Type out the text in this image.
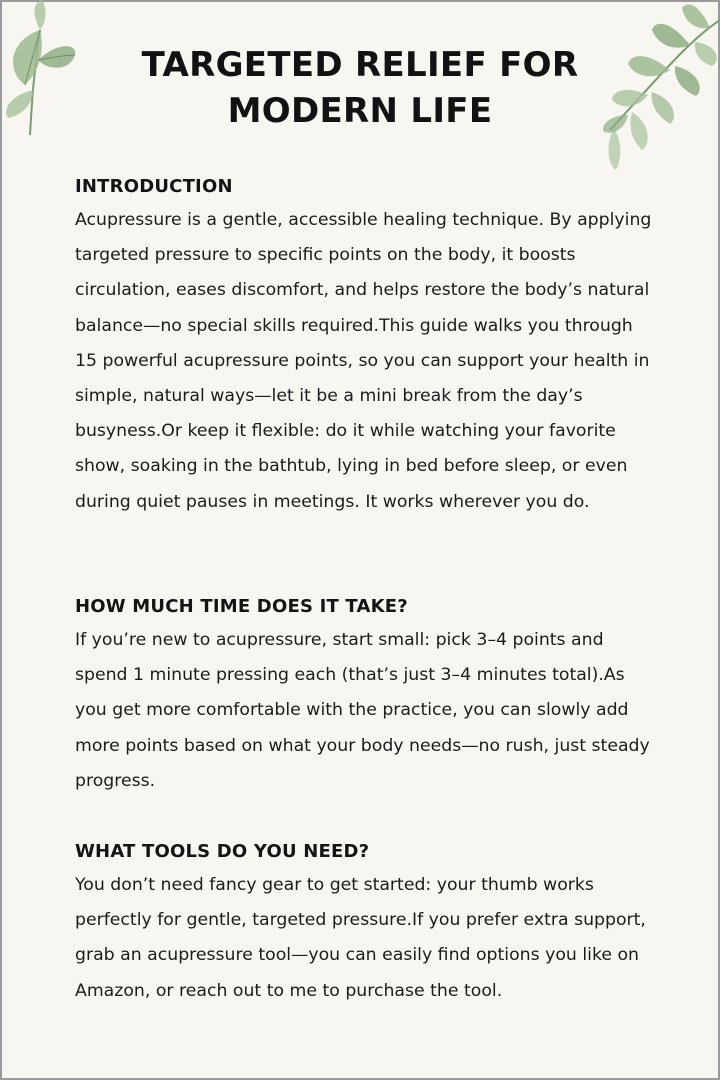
TARGETED RELIEF FOR
MODERN LIFE
INTRODUCTION

Acupressure is a gentle, accessible healing technique. By applying targeted pressure to specific points on the body, it boosts circulation, eases discomfort, and helps restore the body’s natural balance—no special skills required.This guide walks you through 15 powerful acupressure points, so you can support your health in simple, natural ways—let it be a mini break from the day’s busyness.Or keep it flexible: do it while watching your favorite show, soaking in the bathtub, lying in bed before sleep, or even during quiet pauses in meetings. It works wherever you do.

HOW MUCH TIME DOES IT TAKE?

If you’re new to acupressure, start small: pick 3–4 points and spend 1 minute pressing each (that’s just 3–4 minutes total).As you get more comfortable with the practice, you can slowly add more points based on what your body needs—no rush, just steady progress.

WHAT TOOLS DO YOU NEED?

You don’t need fancy gear to get started: your thumb works perfectly for gentle, targeted pressure.If you prefer extra support, grab an acupressure tool—you can easily find options you like on Amazon, or reach out to me to purchase the tool.
